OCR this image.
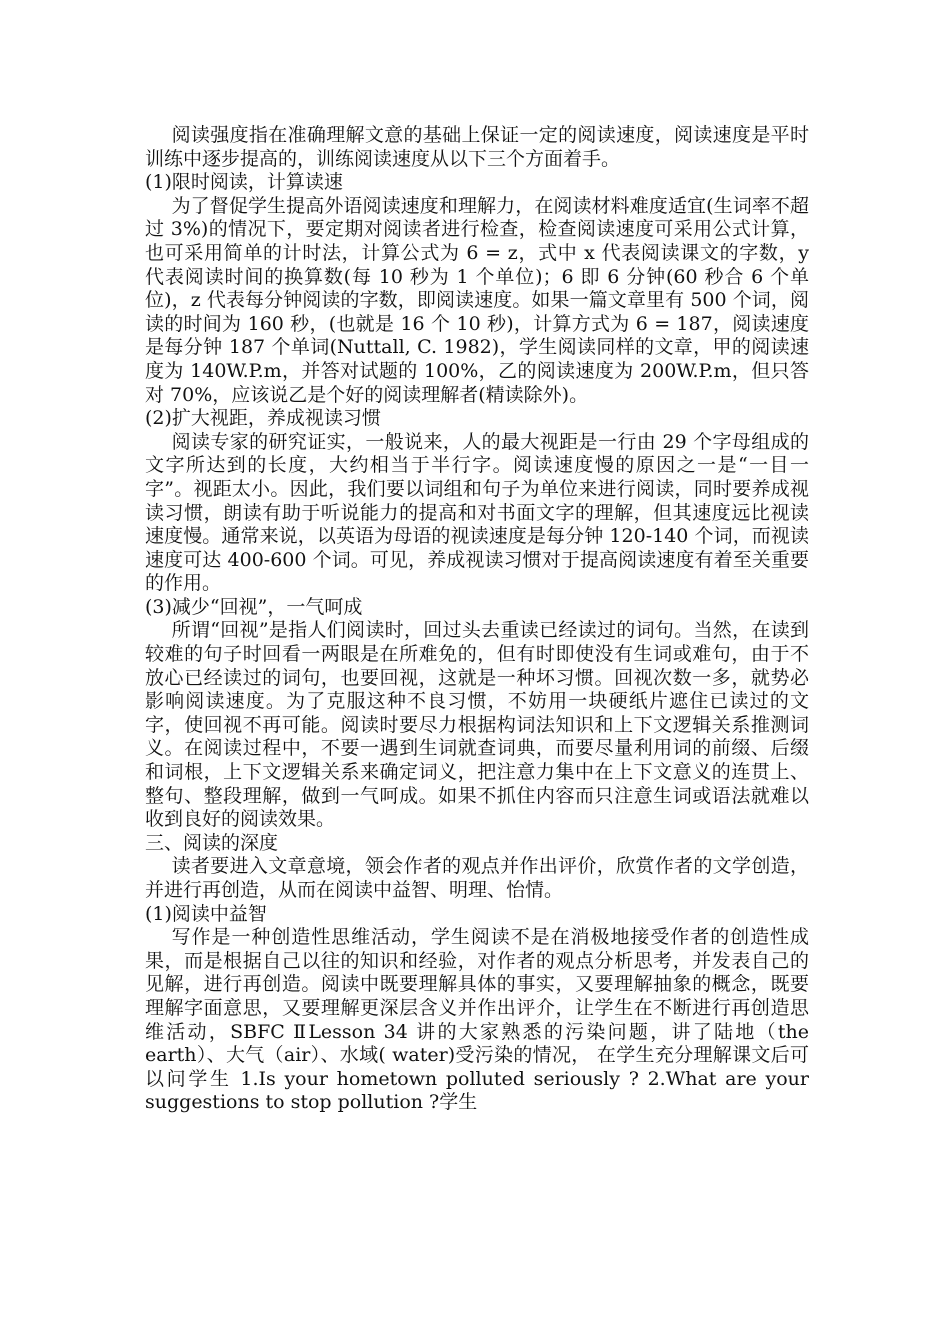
阅读强度指在准确理解文意的基础上保证一定的阅读速度，阅读速度是平时训练中逐步提高的，训练阅读速度从以下三个方面着手。

(1)限时阅读，计算读速

为了督促学生提高外语阅读速度和理解力，在阅读材料难度适宜(生词率不超过 3%)的情况下，要定期对阅读者进行检查，检查阅读速度可采用公式计算，也可采用简单的计时法，计算公式为 6 = z，式中 x 代表阅读课文的字数，y 代表阅读时间的换算数(每 10 秒为 1 个单位)；6 即 6 分钟(60 秒合 6 个单位)，z 代表每分钟阅读的字数，即阅读速度。如果一篇文章里有 500 个词，阅读的时间为 160 秒，(也就是 16 个 10 秒)，计算方式为 6 = 187，阅读速度是每分钟 187 个单词(Nuttall, C. 1982)，学生阅读同样的文章，甲的阅读速度为 140W.P.m，并答对试题的 100%，乙的阅读速度为 200W.P.m，但只答对 70%，应该说乙是个好的阅读理解者(精读除外)。

(2)扩大视距，养成视读习惯

阅读专家的研究证实，一般说来，人的最大视距是一行由 29 个字母组成的文字所达到的长度，大约相当于半行字。阅读速度慢的原因之一是“一目一字”。视距太小。因此，我们要以词组和句子为单位来进行阅读，同时要养成视读习惯，朗读有助于听说能力的提高和对书面文字的理解，但其速度远比视读速度慢。通常来说，以英语为母语的视读速度是每分钟 120-140 个词，而视读速度可达 400-600 个词。可见，养成视读习惯对于提高阅读速度有着至关重要的作用。

(3)减少“回视”，一气呵成

所谓“回视”是指人们阅读时，回过头去重读已经读过的词句。当然，在读到较难的句子时回看一两眼是在所难免的，但有时即使没有生词或难句，由于不放心已经读过的词句，也要回视，这就是一种坏习惯。回视次数一多，就势必影响阅读速度。为了克服这种不良习惯，不妨用一块硬纸片遮住已读过的文字，使回视不再可能。阅读时要尽力根据构词法知识和上下文逻辑关系推测词义。在阅读过程中，不要一遇到生词就查词典，而要尽量利用词的前缀、后缀和词根，上下文逻辑关系来确定词义，把注意力集中在上下文意义的连贯上、整句、整段理解，做到一气呵成。如果不抓住内容而只注意生词或语法就难以收到良好的阅读效果。

三、阅读的深度

读者要进入文章意境，领会作者的观点并作出评价，欣赏作者的文学创造，并进行再创造，从而在阅读中益智、明理、怡情。

(1)阅读中益智

写作是一种创造性思维活动，学生阅读不是在消极地接受作者的创造性成果，而是根据自己以往的知识和经验，对作者的观点分析思考，并发表自己的见解，进行再创造。阅读中既要理解具体的事实，又要理解抽象的概念，既要理解字面意思，又要理解更深层含义并作出评介，让学生在不断进行再创造思维活动，SBFC ⅡLesson 34 讲的大家熟悉的污染问题，讲了陆地（the earth）、大气（air）、水域( water)受污染的情况， 在学生充分理解课文后可以问学生 1.Is your hometown polluted seriously ? 2.What are your suggestions to stop pollution ?学生
